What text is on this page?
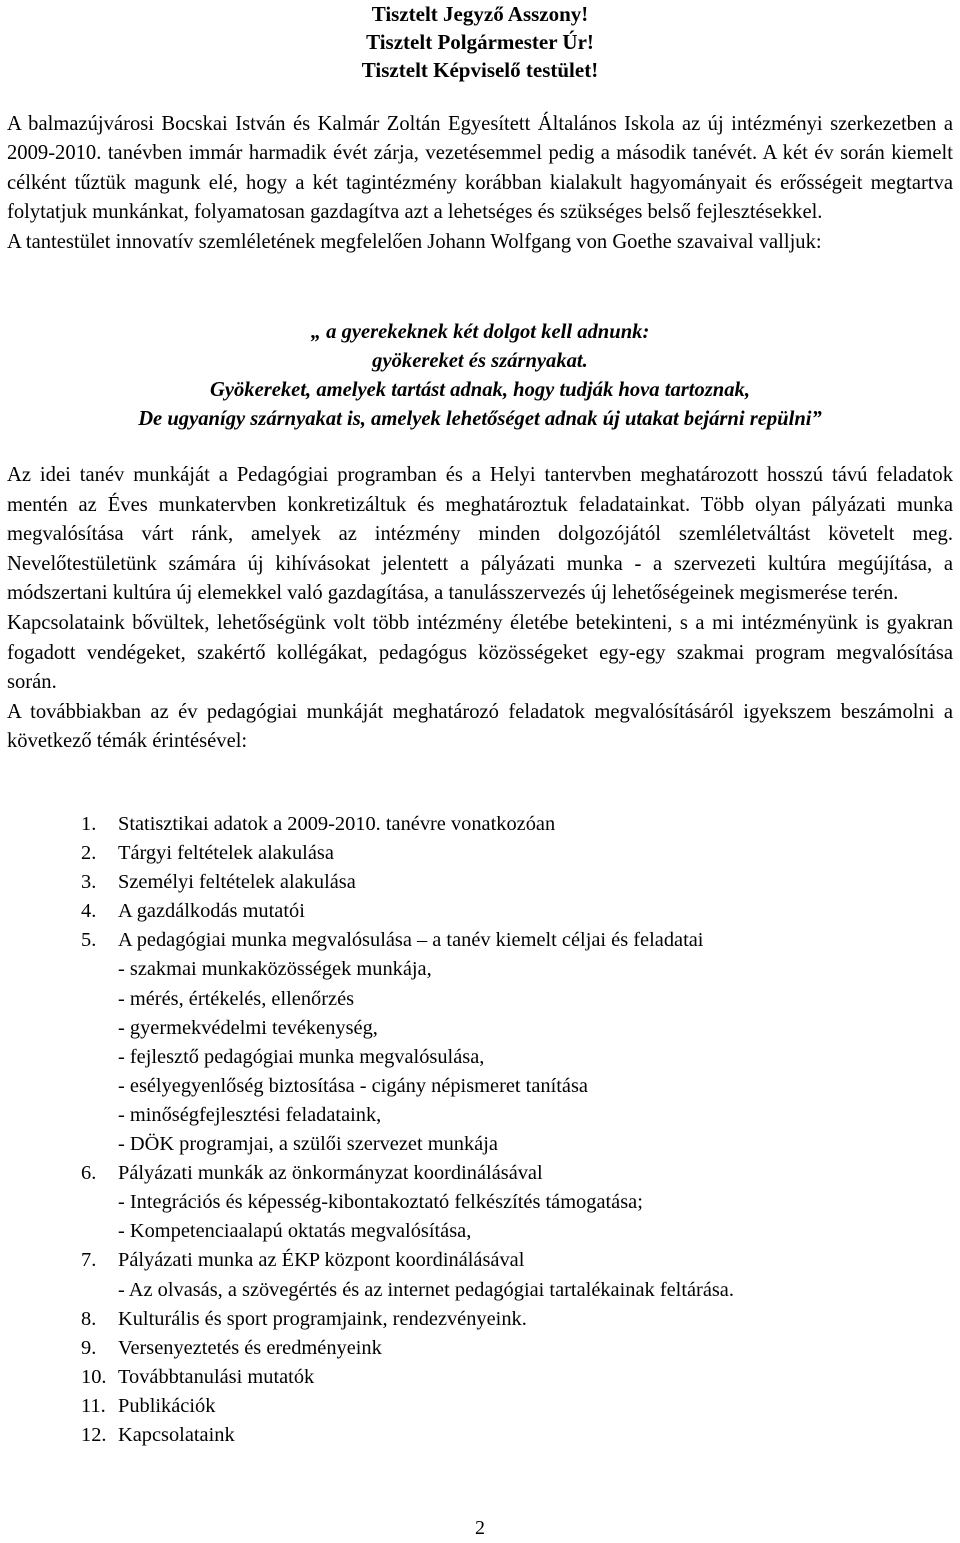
Tisztelt Jegyző Asszony!
Tisztelt Polgármester Úr!
Tisztelt Képviselő testület!

A balmazújvárosi Bocskai István és Kalmár Zoltán Egyesített Általános Iskola az új intézményi szerkezetben a 2009-2010. tanévben immár harmadik évét zárja, vezetésemmel pedig a második tanévét. A két év során kiemelt célként tűztük magunk elé, hogy a két tagintézmény korábban kialakult hagyományait és erősségeit megtartva folytatjuk munkánkat, folyamatosan gazdagítva azt a lehetséges és szükséges belső fejlesztésekkel.

A tantestület innovatív szemléletének megfelelően Johann Wolfgang von Goethe szavaival valljuk:

„ a gyerekeknek két dolgot kell adnunk:
gyökereket és szárnyakat.
Gyökereket, amelyek tartást adnak, hogy tudják hova tartoznak,
De ugyanígy szárnyakat is, amelyek lehetőséget adnak új utakat bejárni repülni”

Az idei tanév munkáját a Pedagógiai programban és a Helyi tantervben meghatározott hosszú távú feladatok mentén az Éves munkatervben konkretizáltuk és meghatároztuk feladatainkat. Több olyan pályázati munka megvalósítása várt ránk, amelyek az intézmény minden dolgozójától szemléletváltást követelt meg. Nevelőtestületünk számára új kihívásokat jelentett a pályázati munka - a szervezeti kultúra megújítása, a módszertani kultúra új elemekkel való gazdagítása, a tanulásszervezés új lehetőségeinek megismerése terén.

Kapcsolataink bővültek, lehetőségünk volt több intézmény életébe betekinteni, s a mi intézményünk is gyakran fogadott vendégeket, szakértő kollégákat, pedagógus közösségeket egy-egy szakmai program megvalósítása során.

A továbbiakban az év pedagógiai munkáját meghatározó feladatok megvalósításáról igyekszem beszámolni a következő témák érintésével:

1.	Statisztikai adatok a 2009-2010. tanévre vonatkozóan
2.	Tárgyi feltételek alakulása
3.	Személyi feltételek alakulása
4.	A gazdálkodás mutatói
5.	A pedagógiai munka megvalósulása – a tanév kiemelt céljai és feladatai
- szakmai munkaközösségek munkája,
- mérés, értékelés, ellenőrzés
- gyermekvédelmi tevékenység,
- fejlesztő pedagógiai munka megvalósulása,
- esélyegyenlőség biztosítása - cigány népismeret tanítása
- minőségfejlesztési feladataink,
- DÖK programjai, a szülői szervezet munkája
6.	Pályázati munkák az önkormányzat koordinálásával
- Integrációs és képesség-kibontakoztató felkészítés támogatása;
- Kompetenciaalapú oktatás megvalósítása,
7.	Pályázati munka az ÉKP központ koordinálásával
- Az olvasás, a szövegértés és az internet pedagógiai tartalékainak feltárása.
8.	Kulturális és sport programjaink, rendezvényeink.
9.	Versenyeztetés és eredményeink
10. Továbbtanulási mutatók
11. Publikációk
12. Kapcsolataink
2
